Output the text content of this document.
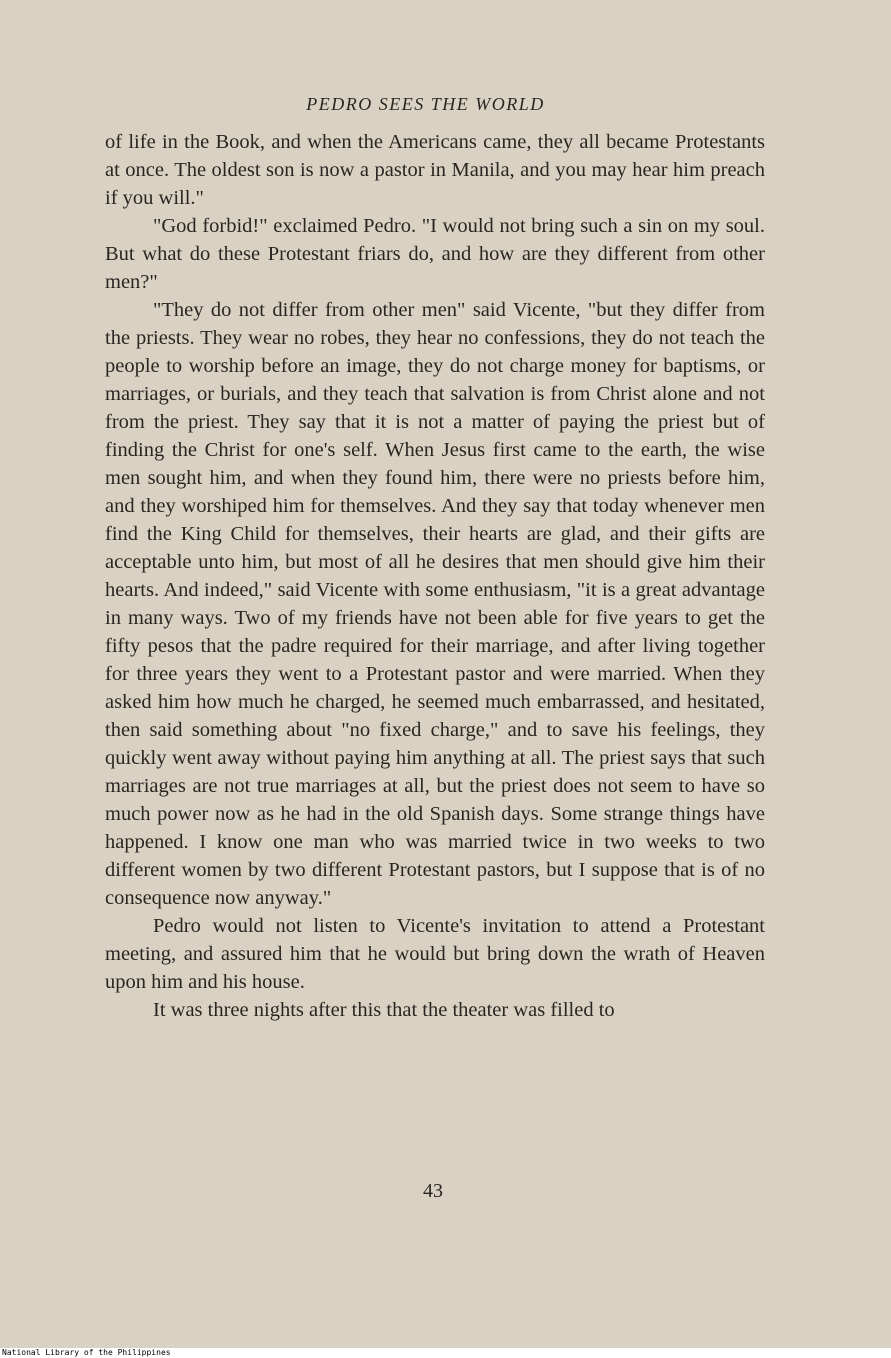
PEDRO SEES THE WORLD

of life in the Book, and when the Americans came, they all became Protestants at once. The oldest son is now a pastor in Manila, and you may hear him preach if you will."

"God forbid!" exclaimed Pedro. "I would not bring such a sin on my soul. But what do these Protestant friars do, and how are they different from other men?"

"They do not differ from other men" said Vicente, "but they differ from the priests. They wear no robes, they hear no confessions, they do not teach the people to worship before an image, they do not charge money for baptisms, or marriages, or burials, and they teach that salvation is from Christ alone and not from the priest. They say that it is not a matter of paying the priest but of finding the Christ for one's self. When Jesus first came to the earth, the wise men sought him, and when they found him, there were no priests before him, and they worshiped him for themselves. And they say that today whenever men find the King Child for themselves, their hearts are glad, and their gifts are acceptable unto him, but most of all he desires that men should give him their hearts. And indeed," said Vicente with some enthusiasm, "it is a great advantage in many ways. Two of my friends have not been able for five years to get the fifty pesos that the padre required for their marriage, and after living together for three years they went to a Protestant pastor and were married. When they asked him how much he charged, he seemed much embarrassed, and hesitated, then said something about "no fixed charge," and to save his feelings, they quickly went away without paying him anything at all. The priest says that such marriages are not true marriages at all, but the priest does not seem to have so much power now as he had in the old Spanish days. Some strange things have happened. I know one man who was married twice in two weeks to two different women by two different Protestant pastors, but I suppose that is of no consequence now anyway."

Pedro would not listen to Vicente's invitation to attend a Protestant meeting, and assured him that he would but bring down the wrath of Heaven upon him and his house.

It was three nights after this that the theater was filled to

43
National Library of the Philippines
